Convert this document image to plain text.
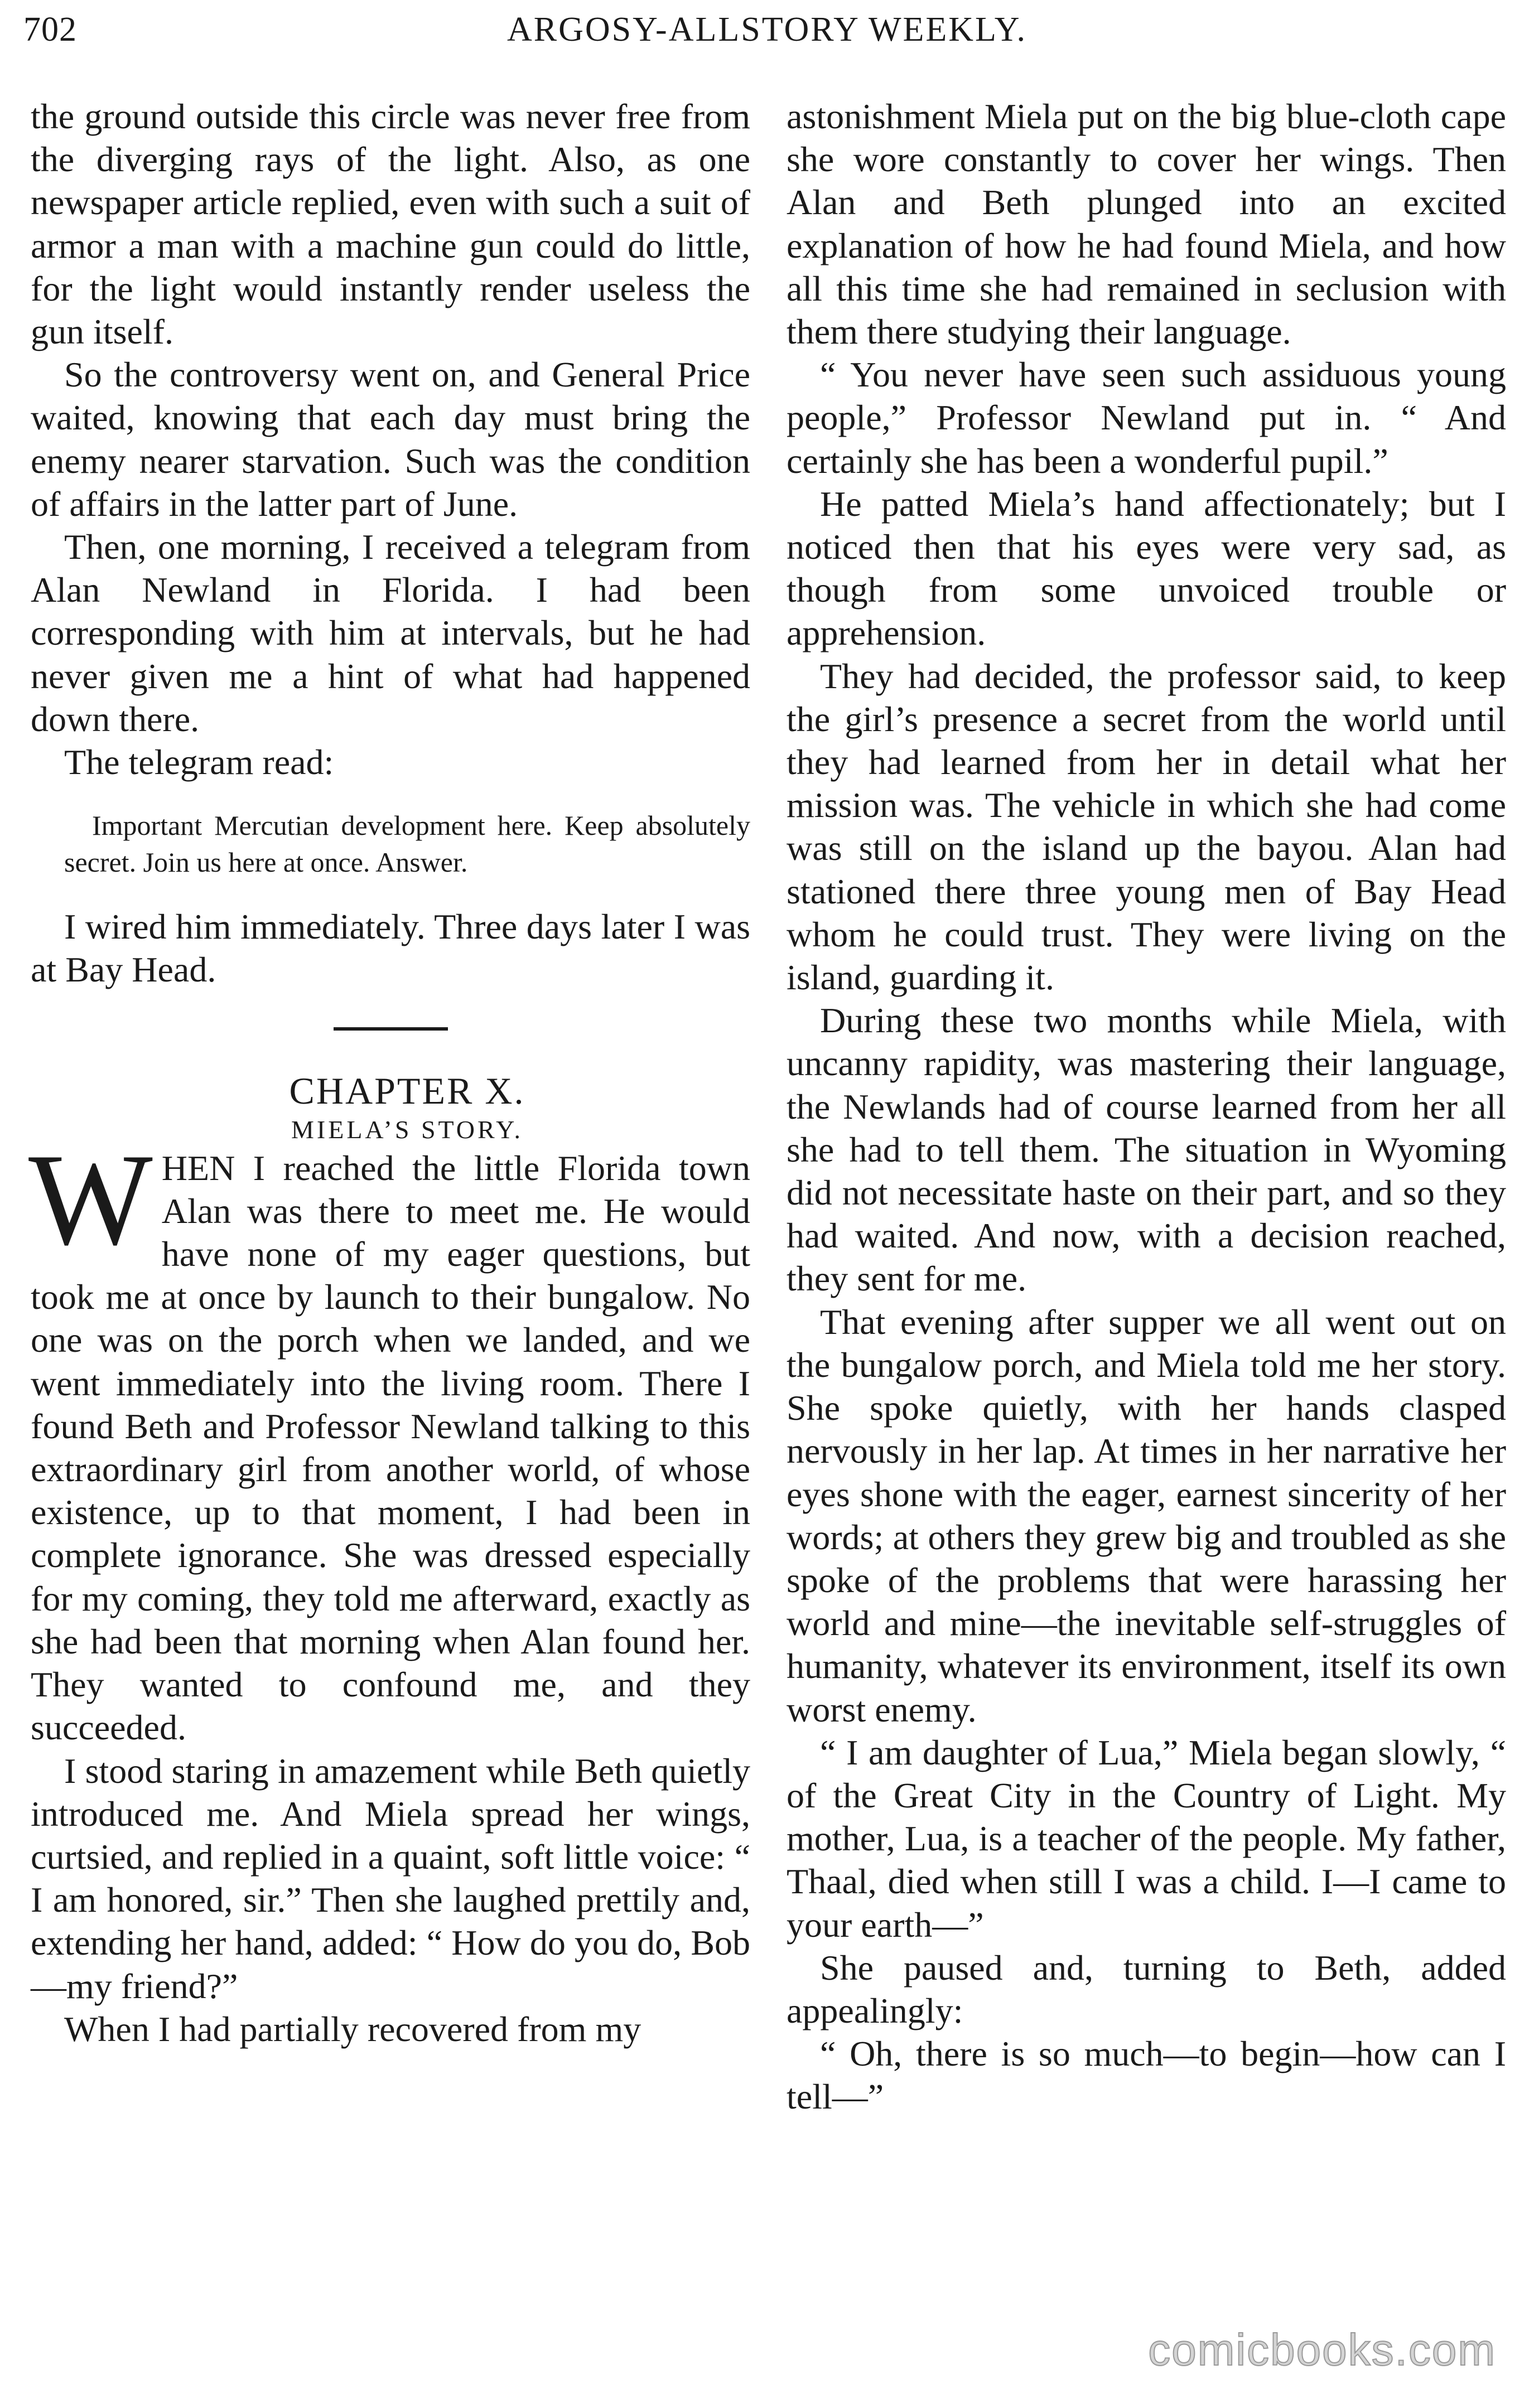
702	ARGOSY-ALLSTORY WEEKLY.

the ground outside this circle was never free from the diverging rays of the light. Also, as one newspaper article replied, even with such a suit of armor a man with a machine gun could do little, for the light would instantly render useless the gun itself.

So the controversy went on, and General Price waited, knowing that each day must bring the enemy nearer starvation. Such was the condition of affairs in the latter part of June.

Then, one morning, I received a telegram from Alan Newland in Florida. I had been corresponding with him at intervals, but he had never given me a hint of what had happened down there.

The telegram read:

Important Mercutian development here. Keep absolutely secret. Join us here at once. Answer.

I wired him immediately. Three days later I was at Bay Head.

CHAPTER X.

MIELA’S STORY.

WHEN I reached the little Florida town Alan was there to meet me. He would have none of my eager questions, but took me at once by launch to their bungalow. No one was on the porch when we landed, and we went immediately into the living room. There I found Beth and Professor Newland talking to this extraordinary girl from another world, of whose existence, up to that moment, I had been in complete ignorance. She was dressed especially for my coming, they told me afterward, exactly as she had been that morning when Alan found her. They wanted to confound me, and they succeeded.

I stood staring in amazement while Beth quietly introduced me. And Miela spread her wings, curtsied, and replied in a quaint, soft little voice: “ I am honored, sir.” Then she laughed prettily and, extending her hand, added: “ How do you do, Bob—my friend?”

When I had partially recovered from my

astonishment Miela put on the big blue-cloth cape she wore constantly to cover her wings. Then Alan and Beth plunged into an excited explanation of how he had found Miela, and how all this time she had remained in seclusion with them there studying their language.

“ You never have seen such assiduous young people,” Professor Newland put in. “ And certainly she has been a wonderful pupil.”

He patted Miela’s hand affectionately; but I noticed then that his eyes were very sad, as though from some unvoiced trouble or apprehension.

They had decided, the professor said, to keep the girl’s presence a secret from the world until they had learned from her in detail what her mission was. The vehicle in which she had come was still on the island up the bayou. Alan had stationed there three young men of Bay Head whom he could trust. They were living on the island, guarding it.

During these two months while Miela, with uncanny rapidity, was mastering their language, the Newlands had of course learned from her all she had to tell them. The situation in Wyoming did not necessitate haste on their part, and so they had waited. And now, with a decision reached, they sent for me.

That evening after supper we all went out on the bungalow porch, and Miela told me her story. She spoke quietly, with her hands clasped nervously in her lap. At times in her narrative her eyes shone with the eager, earnest sincerity of her words; at others they grew big and troubled as she spoke of the problems that were harassing her world and mine—the inevitable self-struggles of humanity, whatever its environment, itself its own worst enemy.

“ I am daughter of Lua,” Miela began slowly, “ of the Great City in the Country of Light. My mother, Lua, is a teacher of the people. My father, Thaal, died when still I was a child. I—I came to your earth—”

She paused and, turning to Beth, added appealingly:

“ Oh, there is so much—to begin—how can I tell—”

comicbooks.com
